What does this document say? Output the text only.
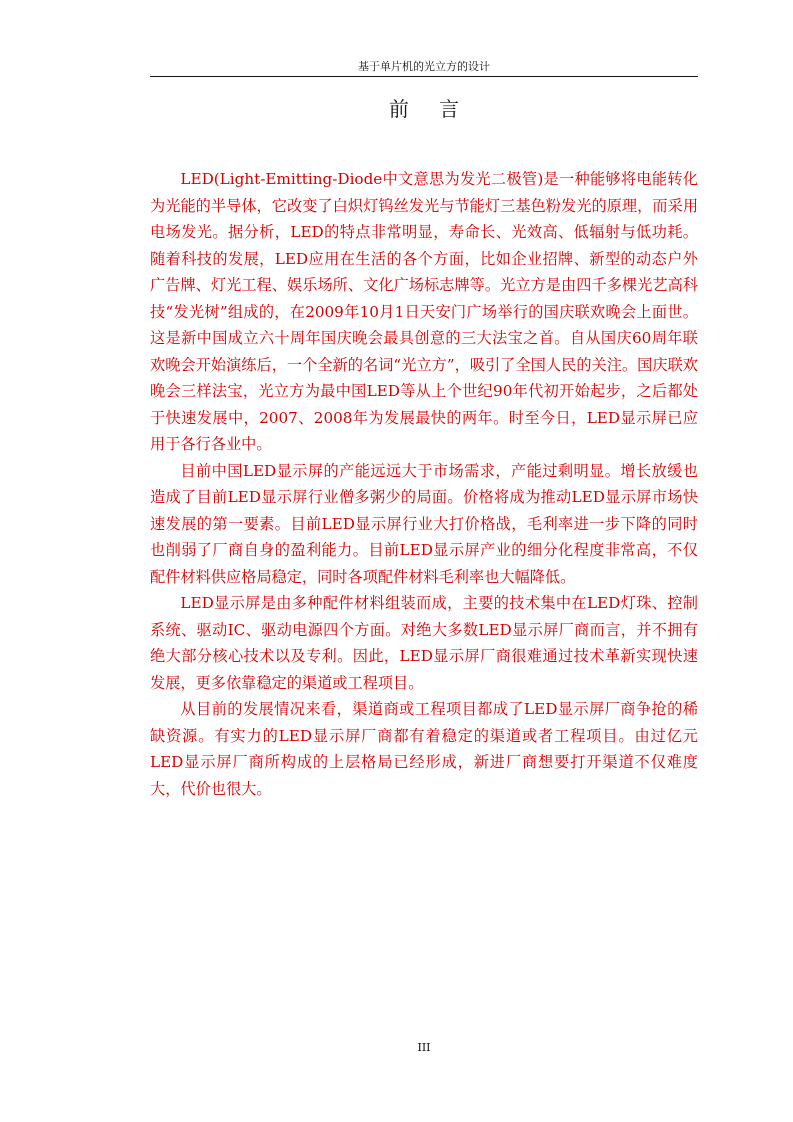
基于单片机的光立方的设计
前 言

LED(Light-Emitting-Diode中文意思为发光二极管)是一种能够将电能转化为光能的半导体，它改变了白炽灯钨丝发光与节能灯三基色粉发光的原理，而采用电场发光。据分析，LED的特点非常明显，寿命长、光效高、低辐射与低功耗。随着科技的发展，LED应用在生活的各个方面，比如企业招牌、新型的动态户外广告牌、灯光工程、娱乐场所、文化广场标志牌等。光立方是由四千多棵光艺高科技“发光树”组成的，在2009年10月1日天安门广场举行的国庆联欢晚会上面世。这是新中国成立六十周年国庆晚会最具创意的三大法宝之首。自从国庆60周年联欢晚会开始演练后，一个全新的名词“光立方”，吸引了全国人民的关注。国庆联欢晚会三样法宝，光立方为最中国LED等从上个世纪90年代初开始起步，之后都处于快速发展中，2007、2008年为发展最快的两年。时至今日，LED显示屏已应用于各行各业中。

目前中国LED显示屏的产能远远大于市场需求，产能过剩明显。增长放缓也造成了目前LED显示屏行业僧多粥少的局面。价格将成为推动LED显示屏市场快速发展的第一要素。目前LED显示屏行业大打价格战，毛利率进一步下降的同时也削弱了厂商自身的盈利能力。目前LED显示屏产业的细分化程度非常高，不仅配件材料供应格局稳定，同时各项配件材料毛利率也大幅降低。

LED显示屏是由多种配件材料组装而成，主要的技术集中在LED灯珠、控制系统、驱动IC、驱动电源四个方面。对绝大多数LED显示屏厂商而言，并不拥有绝大部分核心技术以及专利。因此，LED显示屏厂商很难通过技术革新实现快速发展，更多依靠稳定的渠道或工程项目。

从目前的发展情况来看，渠道商或工程项目都成了LED显示屏厂商争抢的稀缺资源。有实力的LED显示屏厂商都有着稳定的渠道或者工程项目。由过亿元LED显示屏厂商所构成的上层格局已经形成，新进厂商想要打开渠道不仅难度大，代价也很大。

III
